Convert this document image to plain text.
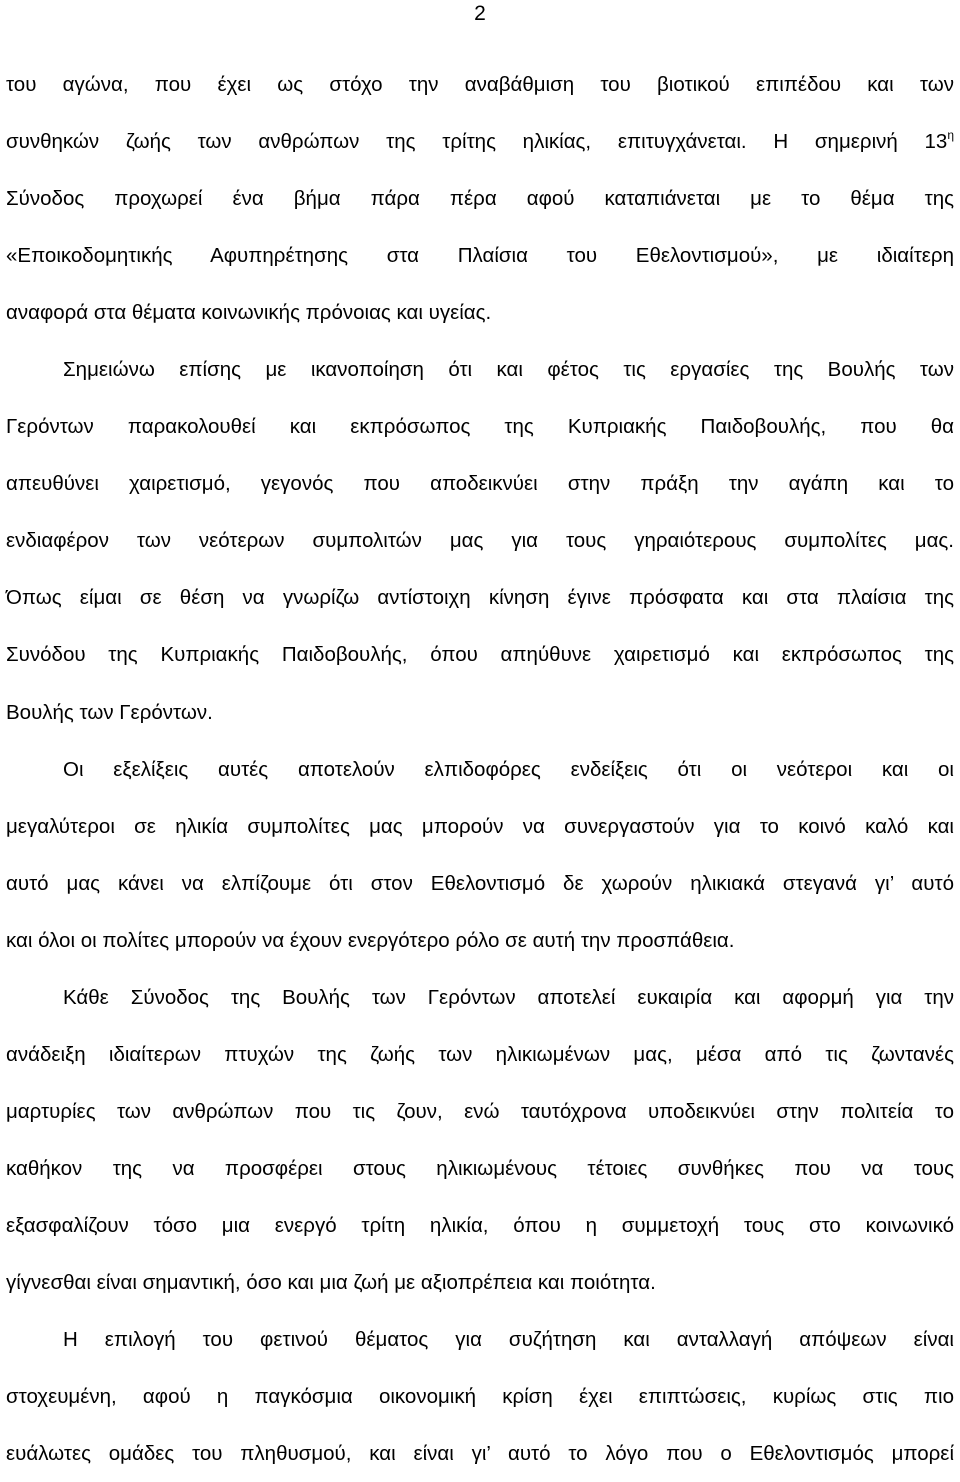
2
του αγώνα, που έχει ως στόχο την αναβάθμιση του βιοτικού επιπέδου και των
συνθηκών ζωής των ανθρώπων της τρίτης ηλικίας, επιτυγχάνεται. Η σημερινή $13^\eta$
Σύνοδος προχωρεί ένα βήμα πάρα πέρα αφού καταπιάνεται με το θέμα της
«Εποικοδομητικής Αφυπηρέτησης στα Πλαίσια του Εθελοντισμού», με ιδιαίτερη
αναφορά στα θέματα κοινωνικής πρόνοιας και υγείας.
Σημειώνω επίσης με ικανοποίηση ότι και φέτος τις εργασίες της Βουλής των
Γερόντων παρακολουθεί και εκπρόσωπος της Κυπριακής Παιδοβουλής, που θα
απευθύνει χαιρετισμό, γεγονός που αποδεικνύει στην πράξη την αγάπη και το
ενδιαφέρον των νεότερων συμπολιτών μας για τους γηραιότερους συμπολίτες μας.
Όπως είμαι σε θέση να γνωρίζω αντίστοιχη κίνηση έγινε πρόσφατα και στα πλαίσια της
Συνόδου της Κυπριακής Παιδοβουλής, όπου απηύθυνε χαιρετισμό και εκπρόσωπος της
Βουλής των Γερόντων.
Οι εξελίξεις αυτές αποτελούν ελπιδοφόρες ενδείξεις ότι οι νεότεροι και οι
μεγαλύτεροι σε ηλικία συμπολίτες μας μπορούν να συνεργαστούν για το κοινό καλό και
αυτό μας κάνει να ελπίζουμε ότι στον Εθελοντισμό δε χωρούν ηλικιακά στεγανά γι’ αυτό
και όλοι οι πολίτες μπορούν να έχουν ενεργότερο ρόλο σε αυτή την προσπάθεια.
Κάθε Σύνοδος της Βουλής των Γερόντων αποτελεί ευκαιρία και αφορμή για την
ανάδειξη ιδιαίτερων πτυχών της ζωής των ηλικιωμένων μας, μέσα από τις ζωντανές
μαρτυρίες των ανθρώπων που τις ζουν, ενώ ταυτόχρονα υποδεικνύει στην πολιτεία το
καθήκον της να προσφέρει στους ηλικιωμένους τέτοιες συνθήκες που να τους
εξασφαλίζουν τόσο μια ενεργό τρίτη ηλικία, όπου η συμμετοχή τους στο κοινωνικό
γίγνεσθαι είναι σημαντική, όσο και μια ζωή με αξιοπρέπεια και ποιότητα.
Η επιλογή του φετινού θέματος για συζήτηση και ανταλλαγή απόψεων είναι
στοχευμένη, αφού η παγκόσμια οικονομική κρίση έχει επιπτώσεις, κυρίως στις πιο
ευάλωτες ομάδες του πληθυσμού, και είναι γι’ αυτό το λόγο που ο Εθελοντισμός μπορεί
